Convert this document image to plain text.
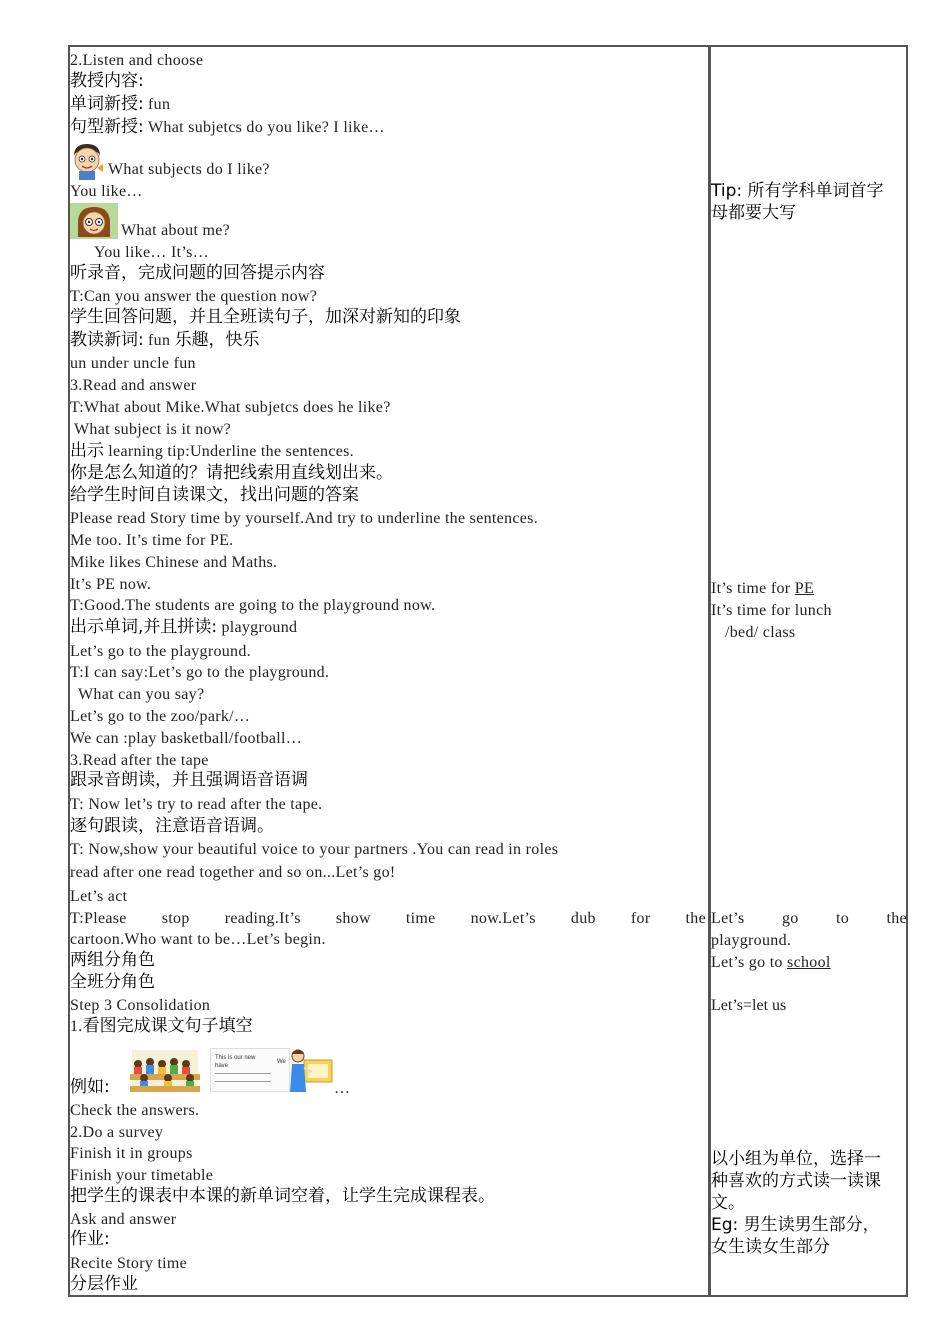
2.Listen and choose
教授内容:
单词新授: fun
句型新授: What subjetcs do you like? I like…
What subjects do I like?
You like…
What about me?
You like… It’s…
听录音，完成问题的回答提示内容
T:Can you answer the question now?
学生回答问题，并且全班读句子，加深对新知的印象
教读新词: fun 乐趣，快乐
un under uncle fun
3.Read and answer
T:What about Mike.What subjetcs does he like?
What subject is it now?
出示 learning tip:Underline the sentences.
你是怎么知道的？请把线索用直线划出来。
给学生时间自读课文，找出问题的答案
Please read Story time by yourself.And try to underline the sentences.
Me too. It’s time for PE.
Mike likes Chinese and Maths.
It’s PE now.
T:Good.The students are going to the playground now.
出示单词,并且拼读: playground
Let’s go to the playground.
T:I can say:Let’s go to the playground.
What can you say?
Let’s go to the zoo/park/…
We can :play basketball/football…
3.Read after the tape
跟录音朗读，并且强调语音语调
T: Now let’s try to read after the tape.
逐句跟读，注意语音语调。
T: Now,show your beautiful voice to your partners .You can read in roles
read after one read together and so on...Let’s go!
Let’s act
T:Please stop reading.It’s show time now.Let’s dub for the
cartoon.Who want to be…Let’s begin.
两组分角色
全班分角色
Step 3 Consolidation
1.看图完成课文句子填空
This is our new
We
have
例如:	…
Check the answers.
2.Do a survey
Finish it in groups
Finish your timetable
把学生的课表中本课的新单词空着，让学生完成课程表。
Ask and answer
作业:
Recite Story time
分层作业
Tip: 所有学科单词首字
母都要大写
It’s time for PE
It’s time for lunch
/bed/ class
Let’s go to the
playground.
Let’s go to school
Let’s=let us
以小组为单位，选择一
种喜欢的方式读一读课
文。
Eg: 男生读男生部分，
女生读女生部分
